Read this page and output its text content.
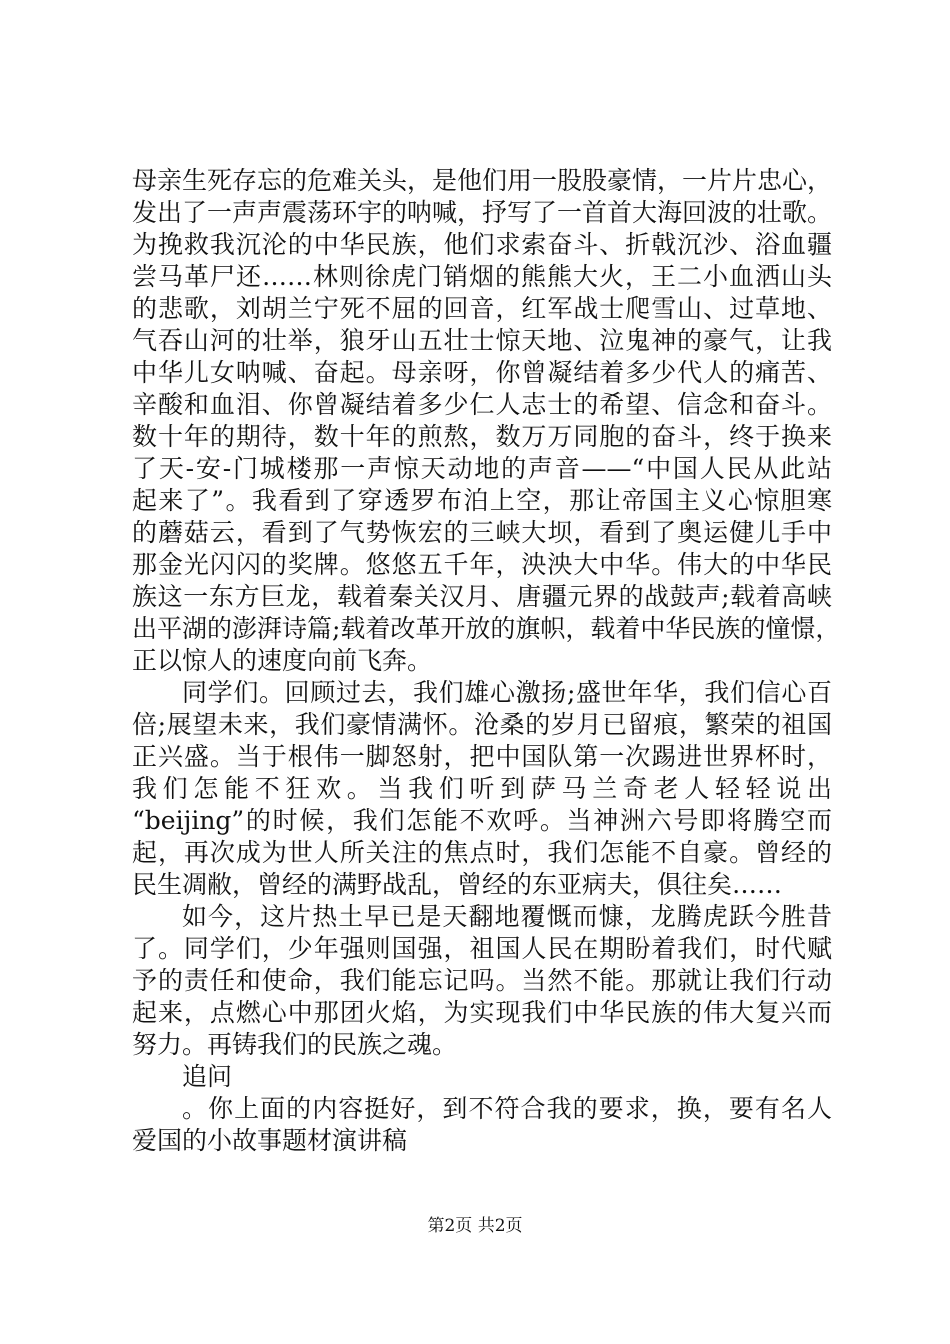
母亲生死存忘的危难关头，是他们用一股股豪情，一片片忠心，
发出了一声声震荡环宇的呐喊，抒写了一首首大海回波的壮歌。
为挽救我沉沦的中华民族，他们求索奋斗、折戟沉沙、浴血疆
尝马革尸还……林则徐虎门销烟的熊熊大火，王二小血洒山头
的悲歌，刘胡兰宁死不屈的回音，红军战士爬雪山、过草地、
气吞山河的壮举，狼牙山五壮士惊天地、泣鬼神的豪气，让我
中华儿女呐喊、奋起。母亲呀，你曾凝结着多少代人的痛苦、
辛酸和血泪、你曾凝结着多少仁人志士的希望、信念和奋斗。
数十年的期待，数十年的煎熬，数万万同胞的奋斗，终于换来
了天-安-门城楼那一声惊天动地的声音——“中国人民从此站
起来了”。我看到了穿透罗布泊上空，那让帝国主义心惊胆寒
的蘑菇云，看到了气势恢宏的三峡大坝，看到了奥运健儿手中
那金光闪闪的奖牌。悠悠五千年，泱泱大中华。伟大的中华民
族这一东方巨龙，载着秦关汉月、唐疆元界的战鼓声;载着高峡
出平湖的澎湃诗篇;载着改革开放的旗帜，载着中华民族的憧憬，
正以惊人的速度向前飞奔。
同学们。回顾过去，我们雄心激扬;盛世年华，我们信心百
倍;展望未来，我们豪情满怀。沧桑的岁月已留痕，繁荣的祖国
正兴盛。当于根伟一脚怒射，把中国队第一次踢进世界杯时，
我们怎能不狂欢。当我们听到萨马兰奇老人轻轻说出
“beijing”的时候，我们怎能不欢呼。当神洲六号即将腾空而
起，再次成为世人所关注的焦点时，我们怎能不自豪。曾经的
民生凋敝，曾经的满野战乱，曾经的东亚病夫，俱往矣……
如今，这片热土早已是天翻地覆慨而慷，龙腾虎跃今胜昔
了。同学们，少年强则国强，祖国人民在期盼着我们，时代赋
予的责任和使命，我们能忘记吗。当然不能。那就让我们行动
起来，点燃心中那团火焰，为实现我们中华民族的伟大复兴而
努力。再铸我们的民族之魂。
追问
。你上面的内容挺好，到不符合我的要求，换，要有名人
爱国的小故事题材演讲稿
第2页 共2页
